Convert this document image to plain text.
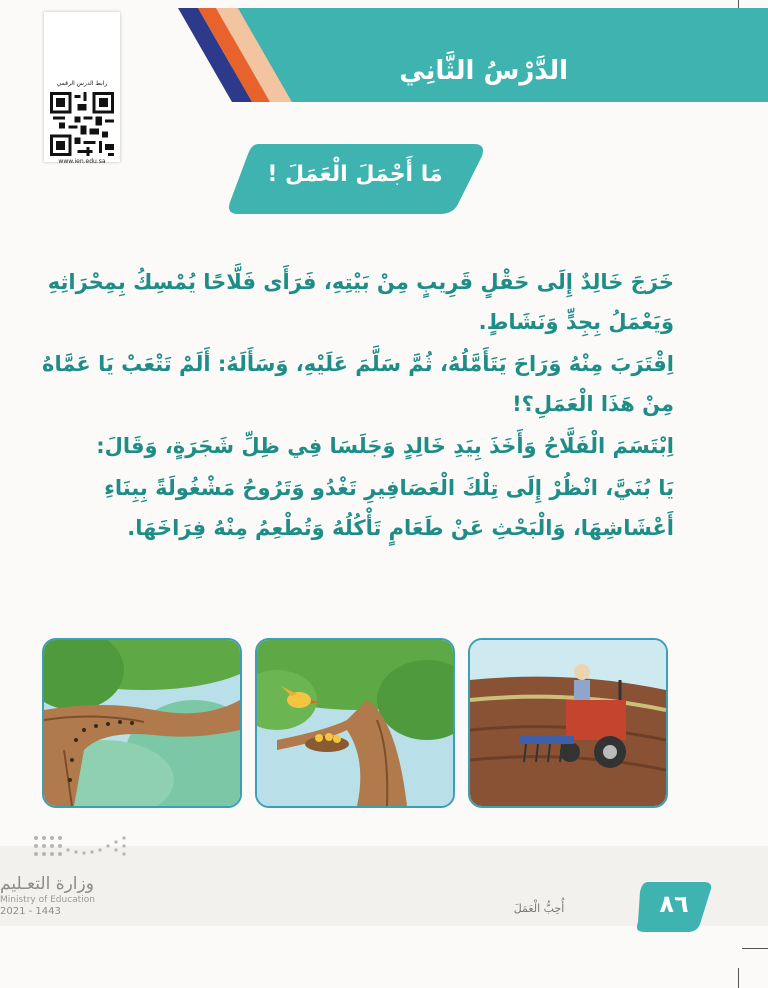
الدَّرْسُ الثَّانِي
رابط الدرس الرقمي
www.ien.edu.sa
مَا أَجْمَلَ الْعَمَلَ !

خَرَجَ خَالِدٌ إِلَى حَقْلٍ قَرِيبٍ مِنْ بَيْتِهِ، فَرَأَى فَلَّاحًا يُمْسِكُ بِمِحْرَاثِهِ وَيَعْمَلُ بِجِدٍّ وَنَشَاطٍ.

اِقْتَرَبَ مِنْهُ وَرَاحَ يَتَأَمَّلُهُ، ثُمَّ سَلَّمَ عَلَيْهِ، وَسَأَلَهُ: أَلَمْ تَتْعَبْ يَا عَمَّاهُ مِنْ هَذَا الْعَمَلِ؟!

اِبْتَسَمَ الْفَلَّاحُ وَأَخَذَ بِيَدِ خَالِدٍ وَجَلَسَا فِي ظِلِّ شَجَرَةٍ، وَقَالَ:

يَا بُنَيَّ، انْظُرْ إِلَى تِلْكَ الْعَصَافِيرِ تَغْدُو وَتَرُوحُ مَشْغُولَةً بِبِنَاءِ أَعْشَاشِهَا، وَالْبَحْثِ عَنْ طَعَامٍ تَأْكُلُهُ وَتُطْعِمُ مِنْهُ فِرَاخَهَا.

وزارة التعـليم
Ministry of Education
2021 - 1443	٨٦
أُحِبُّ الْعَمَلَ
